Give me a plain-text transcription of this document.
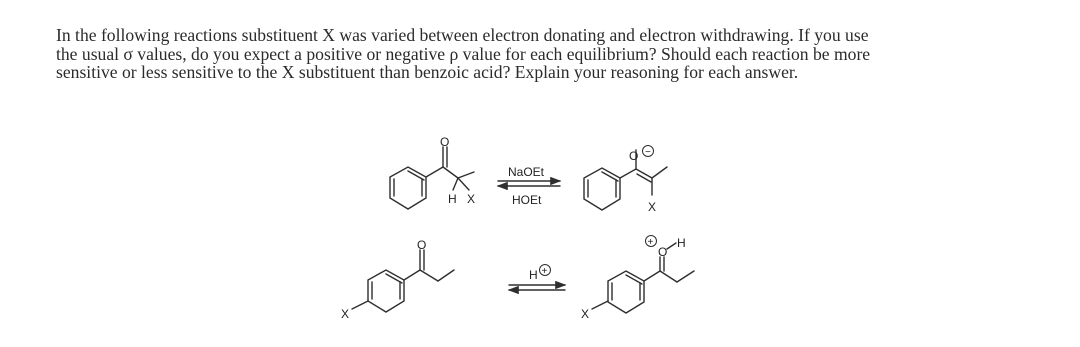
In the following reactions substituent X was varied between electron donating and electron withdrawing. If you use
the usual σ values, do you expect a positive or negative ρ value for each equilibrium? Should each reaction be more
sensitive or less sensitive to the X substituent than benzoic acid? Explain your reasoning for each answer.
O
H X
NaOEt
HOEt
O −
X
X
O
H +
X
O
+ H
